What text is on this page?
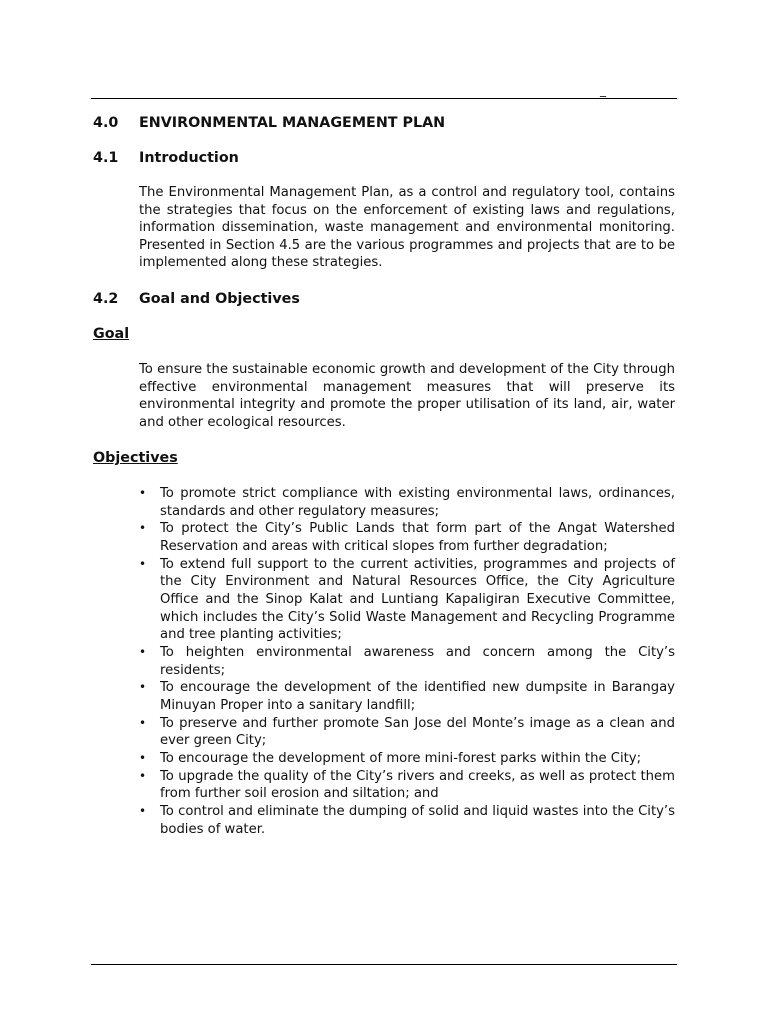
_
4.0 ENVIRONMENTAL MANAGEMENT PLAN
4.1 Introduction

The Environmental Management Plan, as a control and regulatory tool, contains the strategies that focus on the enforcement of existing laws and regulations, information dissemination, waste management and environmental monitoring. Presented in Section 4.5 are the various programmes and projects that are to be implemented along these strategies.

4.2 Goal and Objectives
Goal

To ensure the sustainable economic growth and development of the City through effective environmental management measures that will preserve its environmental integrity and promote the proper utilisation of its land, air, water and other ecological resources.

Objectives
• To promote strict compliance with existing environmental laws, ordinances, standards and other regulatory measures;
• To protect the City’s Public Lands that form part of the Angat Watershed Reservation and areas with critical slopes from further degradation;
• To extend full support to the current activities, programmes and projects of the City Environment and Natural Resources Office, the City Agriculture Office and the Sinop Kalat and Luntiang Kapaligiran Executive Committee, which includes the City’s Solid Waste Management and Recycling Programme and tree planting activities;
• To heighten environmental awareness and concern among the City’s residents;
• To encourage the development of the identified new dumpsite in Barangay Minuyan Proper into a sanitary landfill;
• To preserve and further promote San Jose del Monte’s image as a clean and ever green City;
• To encourage the development of more mini-forest parks within the City;
• To upgrade the quality of the City’s rivers and creeks, as well as protect them from further soil erosion and siltation; and
• To control and eliminate the dumping of solid and liquid wastes into the City’s bodies of water.
